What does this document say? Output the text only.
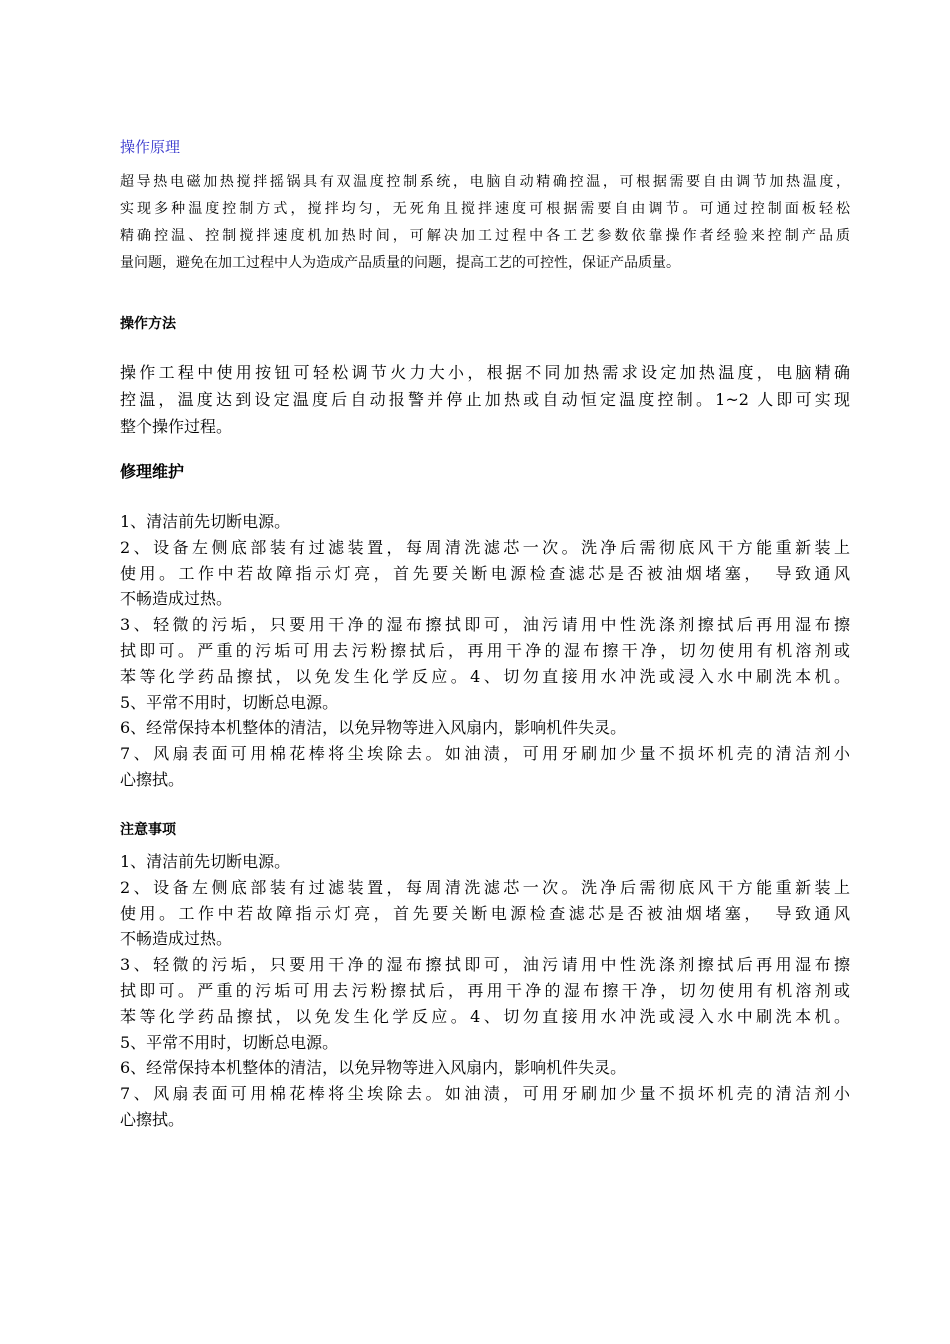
操作原理
超导热电磁加热搅拌摇锅具有双温度控制系统，电脑自动精确控温，可根据需要自由调节加热温度，
实现多种温度控制方式，搅拌均匀，无死角且搅拌速度可根据需要自由调节。可通过控制面板轻松
精确控温、控制搅拌速度机加热时间，可解决加工过程中各工艺参数依靠操作者经验来控制产品质
量问题，避免在加工过程中人为造成产品质量的问题，提高工艺的可控性，保证产品质量。
操作方法
操作工程中使用按钮可轻松调节火力大小，根据不同加热需求设定加热温度，电脑精确
控温，温度达到设定温度后自动报警并停止加热或自动恒定温度控制。1~2 人即可实现
整个操作过程。
修理维护
1、清洁前先切断电源。
2、设备左侧底部装有过滤装置，每周清洗滤芯一次。洗净后需彻底风干方能重新装上
使用。工作中若故障指示灯亮，首先要关断电源检查滤芯是否被油烟堵塞，　导致通风
不畅造成过热。
3、轻微的污垢，只要用干净的湿布擦拭即可，油污请用中性洗涤剂擦拭后再用湿布擦
拭即可。严重的污垢可用去污粉擦拭后，再用干净的湿布擦干净，切勿使用有机溶剂或
苯等化学药品擦拭，以免发生化学反应。4、切勿直接用水冲洗或浸入水中刷洗本机。
5、平常不用时，切断总电源。
6、经常保持本机整体的清洁，以免异物等进入风扇内，影响机件失灵。
7、风扇表面可用棉花棒将尘埃除去。如油渍，可用牙刷加少量不损坏机壳的清洁剂小
心擦拭。
注意事项
1、清洁前先切断电源。
2、设备左侧底部装有过滤装置，每周清洗滤芯一次。洗净后需彻底风干方能重新装上
使用。工作中若故障指示灯亮，首先要关断电源检查滤芯是否被油烟堵塞，　导致通风
不畅造成过热。
3、轻微的污垢，只要用干净的湿布擦拭即可，油污请用中性洗涤剂擦拭后再用湿布擦
拭即可。严重的污垢可用去污粉擦拭后，再用干净的湿布擦干净，切勿使用有机溶剂或
苯等化学药品擦拭，以免发生化学反应。4、切勿直接用水冲洗或浸入水中刷洗本机。
5、平常不用时，切断总电源。
6、经常保持本机整体的清洁，以免异物等进入风扇内，影响机件失灵。
7、风扇表面可用棉花棒将尘埃除去。如油渍，可用牙刷加少量不损坏机壳的清洁剂小
心擦拭。
